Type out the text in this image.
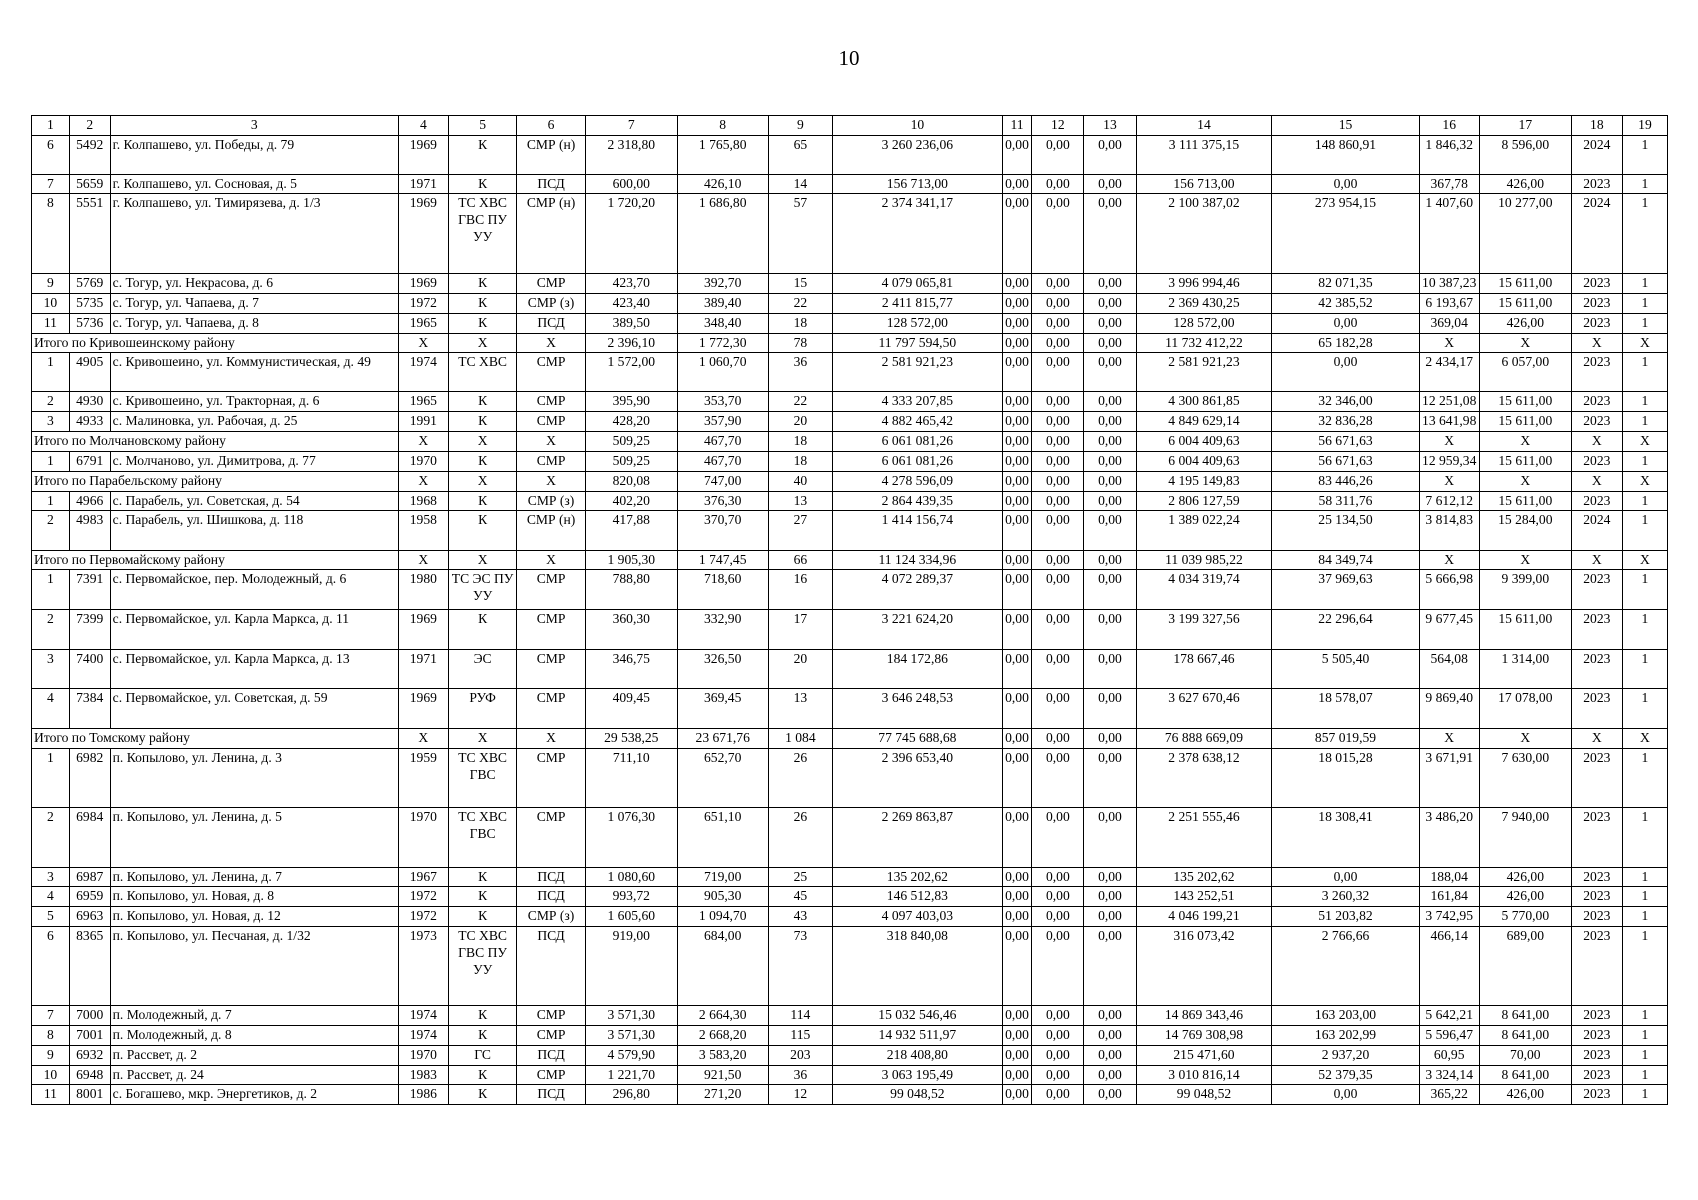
10
1	2	3	4	5	6	7	8	9	10	11	12	13	14	15	16	17	18	19
6	5492	г. Колпашево, ул. Победы, д. 79	1969	К	СМР (н)	2 318,80	1 765,80	65	3 260 236,06	0,00	0,00	0,00	3 111 375,15	148 860,91	1 846,32	8 596,00	2024	1
7	5659	г. Колпашево, ул. Сосновая, д. 5	1971	К	ПСД	600,00	426,10	14	156 713,00	0,00	0,00	0,00	156 713,00	0,00	367,78	426,00	2023	1
8	5551	г. Колпашево, ул. Тимирязева, д. 1/3	1969	ТС ХВС ГВС ПУ УУ	СМР (н)	1 720,20	1 686,80	57	2 374 341,17	0,00	0,00	0,00	2 100 387,02	273 954,15	1 407,60	10 277,00	2024	1
9	5769	с. Тогур, ул. Некрасова, д. 6	1969	К	СМР	423,70	392,70	15	4 079 065,81	0,00	0,00	0,00	3 996 994,46	82 071,35	10 387,23	15 611,00	2023	1
10	5735	с. Тогур, ул. Чапаева, д. 7	1972	К	СМР (з)	423,40	389,40	22	2 411 815,77	0,00	0,00	0,00	2 369 430,25	42 385,52	6 193,67	15 611,00	2023	1
11	5736	с. Тогур, ул. Чапаева, д. 8	1965	К	ПСД	389,50	348,40	18	128 572,00	0,00	0,00	0,00	128 572,00	0,00	369,04	426,00	2023	1
Итого по Кривошеинскому району			Х	Х	Х	2 396,10	1 772,30	78	11 797 594,50	0,00	0,00	0,00	11 732 412,22	65 182,28	Х	Х	Х	Х
1	4905	с. Кривошеино, ул. Коммунистическая, д. 49	1974	ТС ХВС	СМР	1 572,00	1 060,70	36	2 581 921,23	0,00	0,00	0,00	2 581 921,23	0,00	2 434,17	6 057,00	2023	1
2	4930	с. Кривошеино, ул. Тракторная, д. 6	1965	К	СМР	395,90	353,70	22	4 333 207,85	0,00	0,00	0,00	4 300 861,85	32 346,00	12 251,08	15 611,00	2023	1
3	4933	с. Малиновка, ул. Рабочая, д. 25	1991	К	СМР	428,20	357,90	20	4 882 465,42	0,00	0,00	0,00	4 849 629,14	32 836,28	13 641,98	15 611,00	2023	1
Итого по Молчановскому району			Х	Х	Х	509,25	467,70	18	6 061 081,26	0,00	0,00	0,00	6 004 409,63	56 671,63	Х	Х	Х	Х
1	6791	с. Молчаново, ул. Димитрова, д. 77	1970	К	СМР	509,25	467,70	18	6 061 081,26	0,00	0,00	0,00	6 004 409,63	56 671,63	12 959,34	15 611,00	2023	1
Итого по Парабельскому району			Х	Х	Х	820,08	747,00	40	4 278 596,09	0,00	0,00	0,00	4 195 149,83	83 446,26	Х	Х	Х	Х
1	4966	с. Парабель, ул. Советская, д. 54	1968	К	СМР (з)	402,20	376,30	13	2 864 439,35	0,00	0,00	0,00	2 806 127,59	58 311,76	7 612,12	15 611,00	2023	1
2	4983	с. Парабель, ул. Шишкова, д. 118	1958	К	СМР (н)	417,88	370,70	27	1 414 156,74	0,00	0,00	0,00	1 389 022,24	25 134,50	3 814,83	15 284,00	2024	1
Итого по Первомайскому району			Х	Х	Х	1 905,30	1 747,45	66	11 124 334,96	0,00	0,00	0,00	11 039 985,22	84 349,74	Х	Х	Х	Х
1	7391	с. Первомайское, пер. Молодежный, д. 6	1980	ТС ЭС ПУ УУ	СМР	788,80	718,60	16	4 072 289,37	0,00	0,00	0,00	4 034 319,74	37 969,63	5 666,98	9 399,00	2023	1
2	7399	с. Первомайское, ул. Карла Маркса, д. 11	1969	К	СМР	360,30	332,90	17	3 221 624,20	0,00	0,00	0,00	3 199 327,56	22 296,64	9 677,45	15 611,00	2023	1
3	7400	с. Первомайское, ул. Карла Маркса, д. 13	1971	ЭС	СМР	346,75	326,50	20	184 172,86	0,00	0,00	0,00	178 667,46	5 505,40	564,08	1 314,00	2023	1
4	7384	с. Первомайское, ул. Советская, д. 59	1969	РУФ	СМР	409,45	369,45	13	3 646 248,53	0,00	0,00	0,00	3 627 670,46	18 578,07	9 869,40	17 078,00	2023	1
Итого по Томскому району			Х	Х	Х	29 538,25	23 671,76	1 084	77 745 688,68	0,00	0,00	0,00	76 888 669,09	857 019,59	Х	Х	Х	Х
1	6982	п. Копылово, ул. Ленина, д. 3	1959	ТС ХВС ГВС	СМР	711,10	652,70	26	2 396 653,40	0,00	0,00	0,00	2 378 638,12	18 015,28	3 671,91	7 630,00	2023	1
2	6984	п. Копылово, ул. Ленина, д. 5	1970	ТС ХВС ГВС	СМР	1 076,30	651,10	26	2 269 863,87	0,00	0,00	0,00	2 251 555,46	18 308,41	3 486,20	7 940,00	2023	1
3	6987	п. Копылово, ул. Ленина, д. 7	1967	К	ПСД	1 080,60	719,00	25	135 202,62	0,00	0,00	0,00	135 202,62	0,00	188,04	426,00	2023	1
4	6959	п. Копылово, ул. Новая, д. 8	1972	К	ПСД	993,72	905,30	45	146 512,83	0,00	0,00	0,00	143 252,51	3 260,32	161,84	426,00	2023	1
5	6963	п. Копылово, ул. Новая, д. 12	1972	К	СМР (з)	1 605,60	1 094,70	43	4 097 403,03	0,00	0,00	0,00	4 046 199,21	51 203,82	3 742,95	5 770,00	2023	1
6	8365	п. Копылово, ул. Песчаная, д. 1/32	1973	ТС ХВС ГВС ПУ УУ	ПСД	919,00	684,00	73	318 840,08	0,00	0,00	0,00	316 073,42	2 766,66	466,14	689,00	2023	1
7	7000	п. Молодежный, д. 7	1974	К	СМР	3 571,30	2 664,30	114	15 032 546,46	0,00	0,00	0,00	14 869 343,46	163 203,00	5 642,21	8 641,00	2023	1
8	7001	п. Молодежный, д. 8	1974	К	СМР	3 571,30	2 668,20	115	14 932 511,97	0,00	0,00	0,00	14 769 308,98	163 202,99	5 596,47	8 641,00	2023	1
9	6932	п. Рассвет, д. 2	1970	ГС	ПСД	4 579,90	3 583,20	203	218 408,80	0,00	0,00	0,00	215 471,60	2 937,20	60,95	70,00	2023	1
10	6948	п. Рассвет, д. 24	1983	К	СМР	1 221,70	921,50	36	3 063 195,49	0,00	0,00	0,00	3 010 816,14	52 379,35	3 324,14	8 641,00	2023	1
11	8001	с. Богашево, мкр. Энергетиков, д. 2	1986	К	ПСД	296,80	271,20	12	99 048,52	0,00	0,00	0,00	99 048,52	0,00	365,22	426,00	2023	1
